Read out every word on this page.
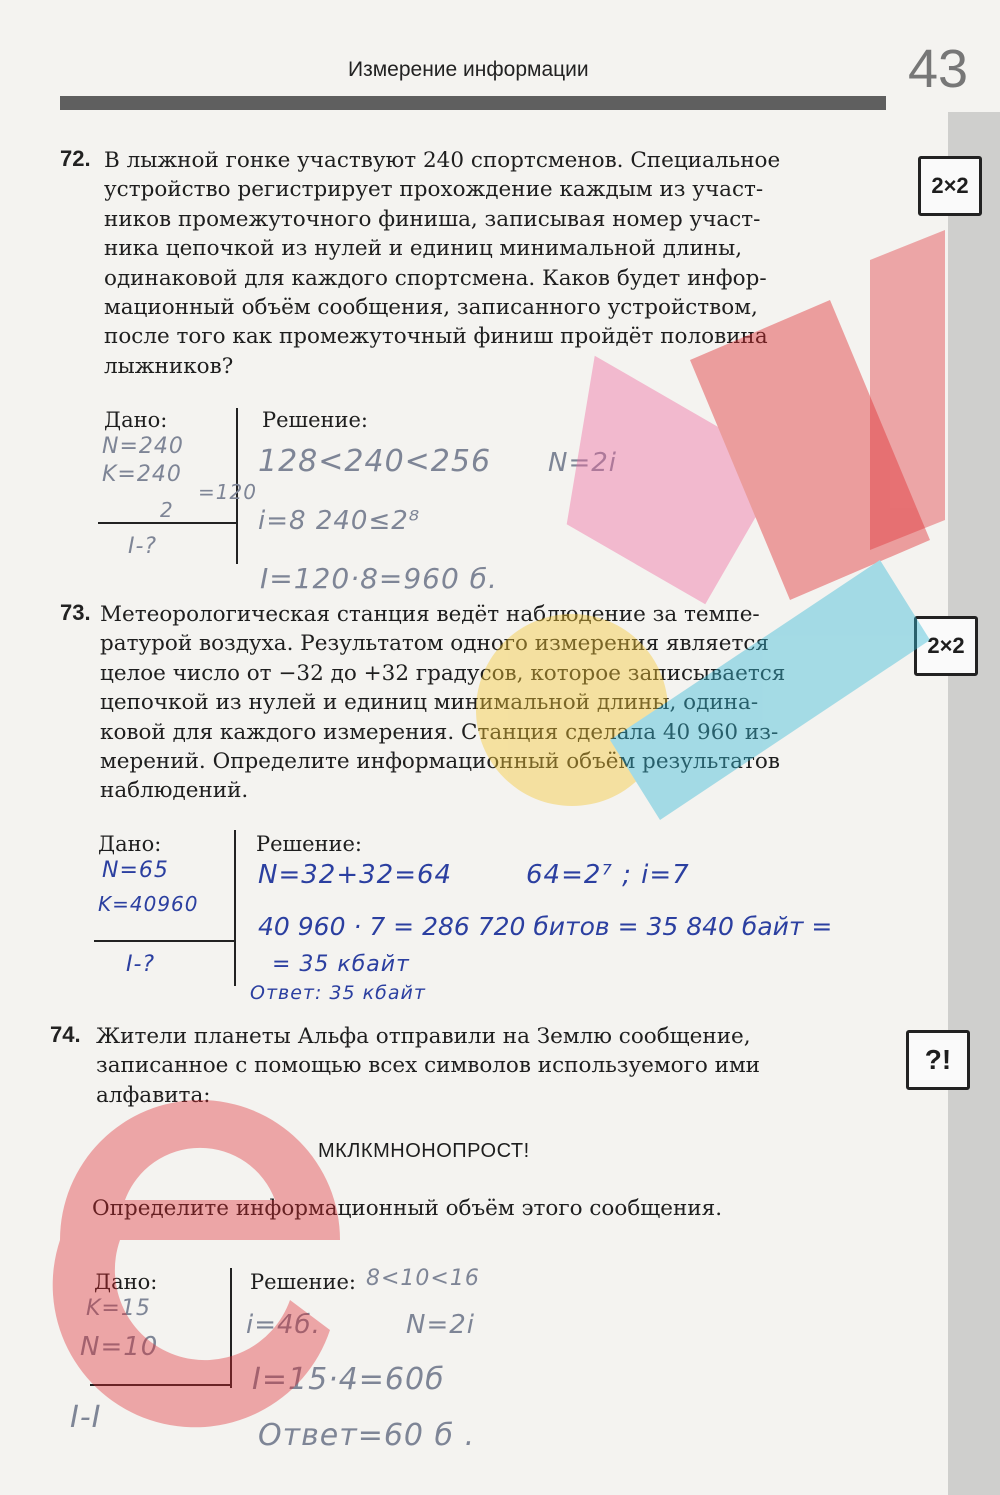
Измерение информации	43
72. В лыжной гонке участвуют 240 спортсменов. Специальное
устройство регистрирует прохождение каждым из участ-
ников промежуточного финиша, записывая номер участ-
ника цепочкой из нулей и единиц минимальной длины,
одинаковой для каждого спортсмена. Каков будет инфор-
мационный объём сообщения, записанного устройством,
после того как промежуточный финиш пройдёт половина
лыжников?
2×2
Дано:	Решение:
N=240
K=240
2
=120
I-?
128<240<256 N=2i
i=8 240≤2⁸
I=120·8=960 б.
73. Метеорологическая станция ведёт наблюдение за темпе-
ратурой воздуха. Результатом одного измерения является
целое число от −32 до +32 градусов, которое записывается
цепочкой из нулей и единиц минимальной длины, одина-
ковой для каждого измерения. Станция сделала 40 960 из-
мерений. Определите информационный объём результатов
наблюдений.
2×2
Дано:	Решение:
N=65
K=40960
I-?
N=32+32=64	64=2⁷ ; i=7
40 960 · 7 = 286 720 битов = 35 840 байт =
= 35 кбайт
Ответ: 35 кбайт
74. Жители планеты Альфа отправили на Землю сообщение,
записанное с помощью всех символов используемого ими
алфавита:
?!
МКЛКМНОНОПРОСТ!
Определите информационный объём этого сообщения.
Дано:	Решение:
K=15
N=10
I-I
8<10<16
i=4б.	N=2i
I=15·4=60б
Ответ=60 б .
